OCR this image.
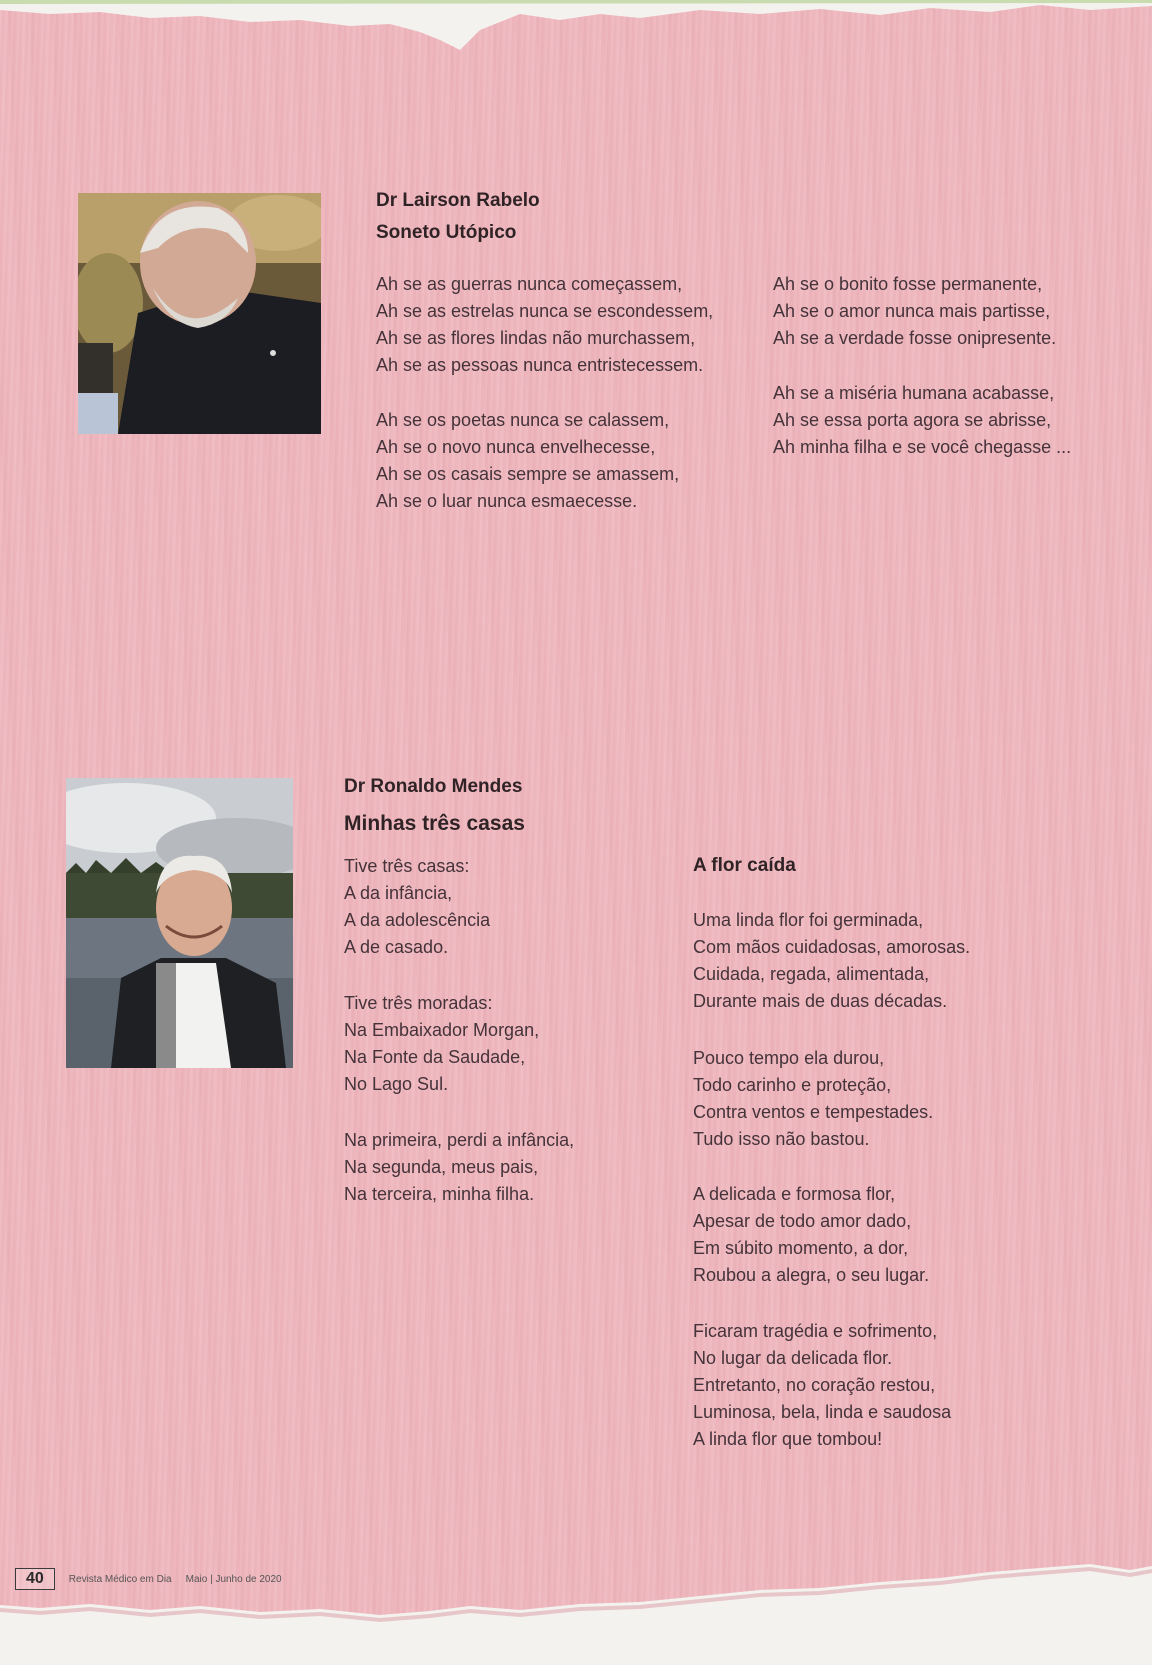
Dr Lairson Rabelo
Soneto Utópico
Ah se as guerras nunca começassem,
Ah se as estrelas nunca se escondessem,
Ah se as flores lindas não murchassem,
Ah se as pessoas nunca entristecessem.
Ah se os poetas nunca se calassem,
Ah se o novo nunca envelhecesse,
Ah se os casais sempre se amassem,
Ah se o luar nunca esmaecesse.
Ah se o bonito fosse permanente,
Ah se o amor nunca mais partisse,
Ah se a verdade fosse onipresente.
Ah se a miséria humana acabasse,
Ah se essa porta agora se abrisse,
Ah minha filha e se você chegasse ...
Dr Ronaldo Mendes
Minhas três casas
Tive três casas:
A da infância,
A da adolescência
A de casado.
Tive três moradas:
Na Embaixador Morgan,
Na Fonte da Saudade,
No Lago Sul.
Na primeira, perdi a infância,
Na segunda, meus pais,
Na terceira, minha filha.
A flor caída
Uma linda flor foi germinada,
Com mãos cuidadosas, amorosas.
Cuidada, regada, alimentada,
Durante mais de duas décadas.
Pouco tempo ela durou,
Todo carinho e proteção,
Contra ventos e tempestades.
Tudo isso não bastou.
A delicada e formosa flor,
Apesar de todo amor dado,
Em súbito momento, a dor,
Roubou a alegra, o seu lugar.
Ficaram tragédia e sofrimento,
No lugar da delicada flor.
Entretanto, no coração restou,
Luminosa, bela, linda e saudosa
A linda flor que tombou!
40	Revista Médico em Dia Maio | Junho de 2020
